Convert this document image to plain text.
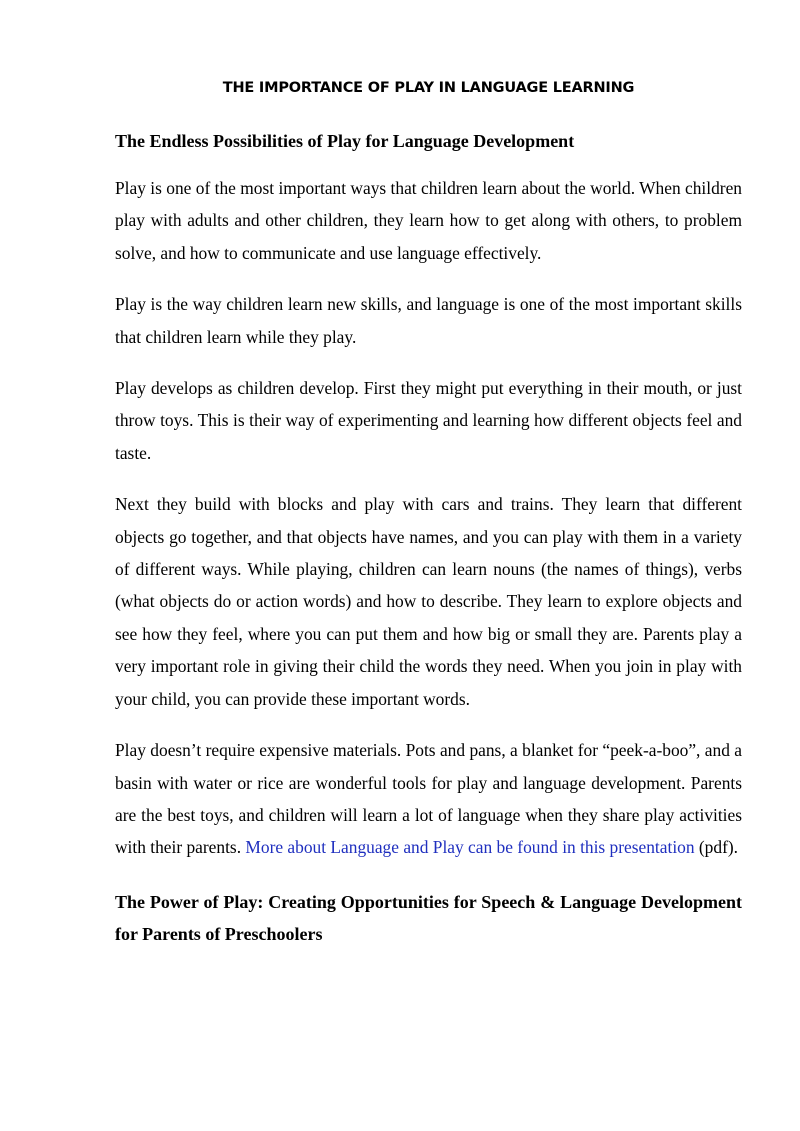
THE IMPORTANCE OF PLAY IN LANGUAGE LEARNING
The Endless Possibilities of Play for Language Development

Play is one of the most important ways that children learn about the world. When children play with adults and other children, they learn how to get along with others, to problem solve, and how to communicate and use language effectively.

Play is the way children learn new skills, and language is one of the most important skills that children learn while they play.

Play develops as children develop. First they might put everything in their mouth, or just throw toys. This is their way of experimenting and learning how different objects feel and taste.

Next they build with blocks and play with cars and trains. They learn that different objects go together, and that objects have names, and you can play with them in a variety of different ways. While playing, children can learn nouns (the names of things), verbs (what objects do or action words) and how to describe. They learn to explore objects and see how they feel, where you can put them and how big or small they are. Parents play a very important role in giving their child the words they need. When you join in play with your child, you can provide these important words.

Play doesn’t require expensive materials. Pots and pans, a blanket for “peek-a-boo”, and a basin with water or rice are wonderful tools for play and language development. Parents are the best toys, and children will learn a lot of language when they share play activities with their parents. More about Language and Play can be found in this presentation (pdf).

The Power of Play: Creating Opportunities for Speech & Language Development for Parents of Preschoolers
